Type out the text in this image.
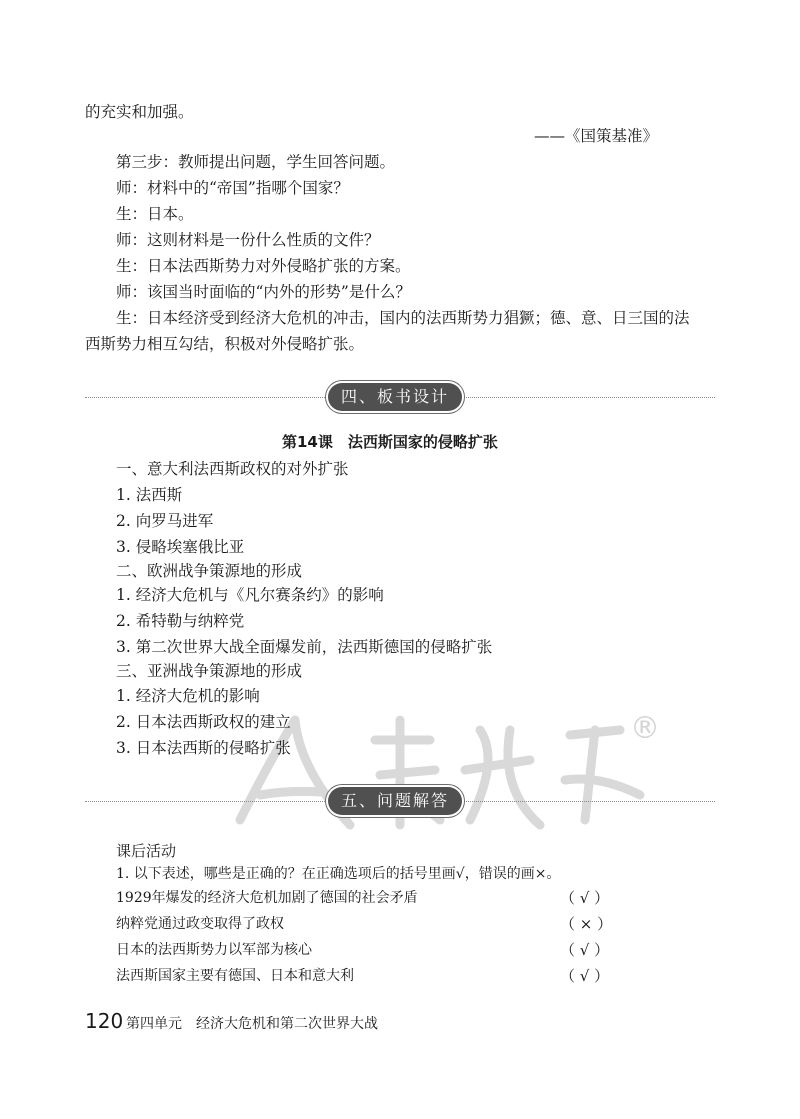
®
的充实和加强。
——《国策基准》
第三步：教师提出问题，学生回答问题。
师：材料中的“帝国”指哪个国家？
生：日本。
师：这则材料是一份什么性质的文件？
生：日本法西斯势力对外侵略扩张的方案。
师：该国当时面临的“内外的形势”是什么？
生：日本经济受到经济大危机的冲击，国内的法西斯势力猖獗；德、意、日三国的法
西斯势力相互勾结，积极对外侵略扩张。
四、板书设计
第14课　法西斯国家的侵略扩张
一、意大利法西斯政权的对外扩张
1. 法西斯
2. 向罗马进军
3. 侵略埃塞俄比亚
二、欧洲战争策源地的形成
1. 经济大危机与《凡尔赛条约》的影响
2. 希特勒与纳粹党
3. 第二次世界大战全面爆发前，法西斯德国的侵略扩张
三、亚洲战争策源地的形成
1. 经济大危机的影响
2. 日本法西斯政权的建立
3. 日本法西斯的侵略扩张
五、问题解答
课后活动
1. 以下表述，哪些是正确的？在正确选项后的括号里画√，错误的画×。
1929年爆发的经济大危机加剧了德国的社会矛盾	（ √ ）
纳粹党通过政变取得了政权	（ × ）
日本的法西斯势力以军部为核心	（ √ ）
法西斯国家主要有德国、日本和意大利	（ √ ）
120 第四单元　经济大危机和第二次世界大战
